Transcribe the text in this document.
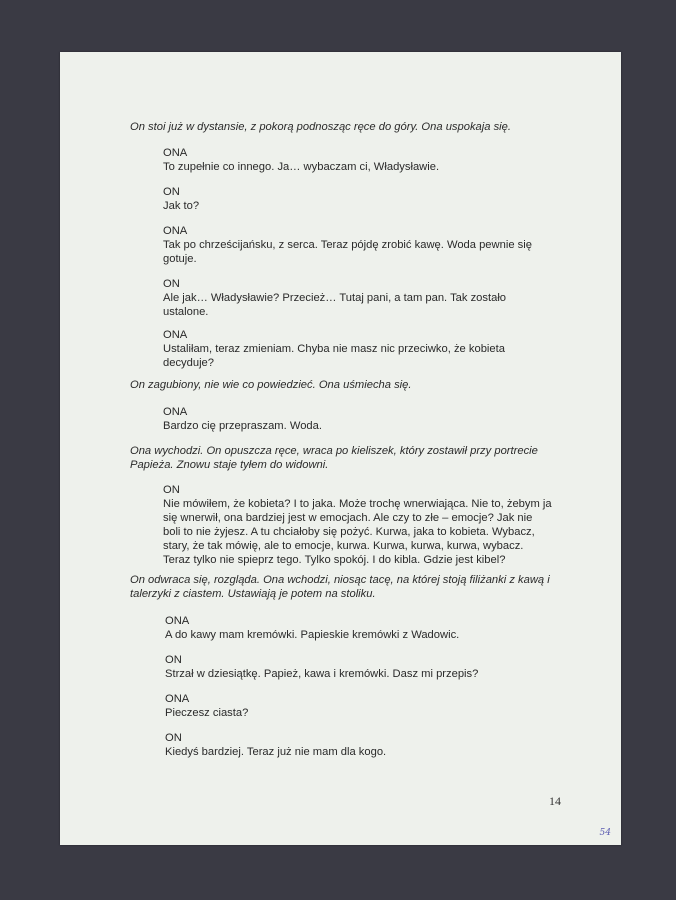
On stoi już w dystansie, z pokorą podnosząc ręce do góry. Ona uspokaja się.
ONA
To zupełnie co innego. Ja… wybaczam ci, Władysławie.
ON
Jak to?
ONA
Tak po chrześcijańsku, z serca. Teraz pójdę zrobić kawę. Woda pewnie się
gotuje.
ON
Ale jak… Władysławie? Przecież… Tutaj pani, a tam pan. Tak zostało
ustalone.
ONA
Ustaliłam, teraz zmieniam. Chyba nie masz nic przeciwko, że kobieta
decyduje?
On zagubiony, nie wie co powiedzieć. Ona uśmiecha się.
ONA
Bardzo cię przepraszam. Woda.
Ona wychodzi. On opuszcza ręce, wraca po kieliszek, który zostawił przy portrecie
Papieża. Znowu staje tyłem do widowni.
ON
Nie mówiłem, że kobieta? I to jaka. Może trochę wnerwiająca. Nie to, żebym ja
się wnerwił, ona bardziej jest w emocjach. Ale czy to złe – emocje? Jak nie
boli to nie żyjesz. A tu chciałoby się pożyć. Kurwa, jaka to kobieta. Wybacz,
stary, że tak mówię, ale to emocje, kurwa. Kurwa, kurwa, kurwa, wybacz.
Teraz tylko nie spieprz tego. Tylko spokój. I do kibla. Gdzie jest kibel?
On odwraca się, rozgląda. Ona wchodzi, niosąc tacę, na której stoją filiżanki z kawą i
talerzyki z ciastem. Ustawiają je potem na stoliku.
ONA
A do kawy mam kremówki. Papieskie kremówki z Wadowic.
ON
Strzał w dziesiątkę. Papież, kawa i kremówki. Dasz mi przepis?
ONA
Pieczesz ciasta?
ON
Kiedyś bardziej. Teraz już nie mam dla kogo.
14
54
